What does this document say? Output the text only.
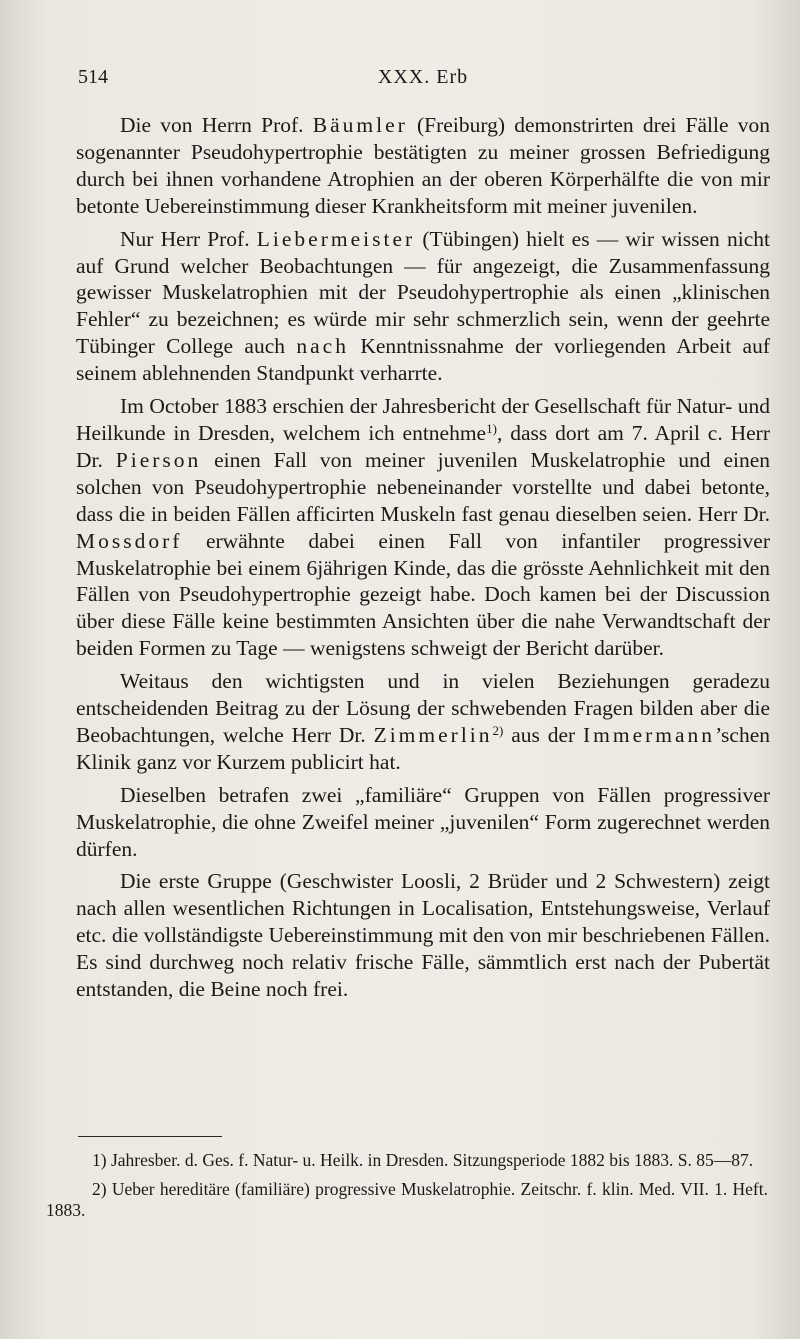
514	XXX. Erb

Die von Herrn Prof. Bäumler (Freiburg) demonstrirten drei Fälle von sogenannter Pseudohypertrophie bestätigten zu meiner grossen Befriedigung durch bei ihnen vorhandene Atrophien an der oberen Körperhälfte die von mir betonte Uebereinstimmung dieser Krankheitsform mit meiner juvenilen.

Nur Herr Prof. Liebermeister (Tübingen) hielt es — wir wissen nicht auf Grund welcher Beobachtungen — für angezeigt, die Zusammenfassung gewisser Muskelatrophien mit der Pseudohypertrophie als einen „klinischen Fehler“ zu bezeichnen; es würde mir sehr schmerzlich sein, wenn der geehrte Tübinger College auch nach Kenntnissnahme der vorliegenden Arbeit auf seinem ablehnenden Standpunkt verharrte.

Im October 1883 erschien der Jahresbericht der Gesellschaft für Natur- und Heilkunde in Dresden, welchem ich entnehme$^{1)}$, dass dort am 7. April c. Herr Dr. Pierson einen Fall von meiner juvenilen Muskelatrophie und einen solchen von Pseudohypertrophie nebeneinander vorstellte und dabei betonte, dass die in beiden Fällen afficirten Muskeln fast genau dieselben seien. Herr Dr. Mossdorf erwähnte dabei einen Fall von infantiler progressiver Muskelatrophie bei einem 6jährigen Kinde, das die grösste Aehnlichkeit mit den Fällen von Pseudohypertrophie gezeigt habe. Doch kamen bei der Discussion über diese Fälle keine bestimmten Ansichten über die nahe Verwandtschaft der beiden Formen zu Tage — wenigstens schweigt der Bericht darüber.

Weitaus den wichtigsten und in vielen Beziehungen geradezu entscheidenden Beitrag zu der Lösung der schwebenden Fragen bilden aber die Beobachtungen, welche Herr Dr. Zimmerlin$^{2)}$ aus der Immermann’schen Klinik ganz vor Kurzem publicirt hat.

Dieselben betrafen zwei „familiäre“ Gruppen von Fällen progressiver Muskelatrophie, die ohne Zweifel meiner „juvenilen“ Form zugerechnet werden dürfen.

Die erste Gruppe (Geschwister Loosli, 2 Brüder und 2 Schwestern) zeigt nach allen wesentlichen Richtungen in Localisation, Entstehungsweise, Verlauf etc. die vollständigste Uebereinstimmung mit den von mir beschriebenen Fällen. Es sind durchweg noch relativ frische Fälle, sämmtlich erst nach der Pubertät entstanden, die Beine noch frei.

1) Jahresber. d. Ges. f. Natur- u. Heilk. in Dresden. Sitzungsperiode 1882 bis 1883. S. 85—87.

2) Ueber hereditäre (familiäre) progressive Muskelatrophie. Zeitschr. f. klin. Med. VII. 1. Heft. 1883.
